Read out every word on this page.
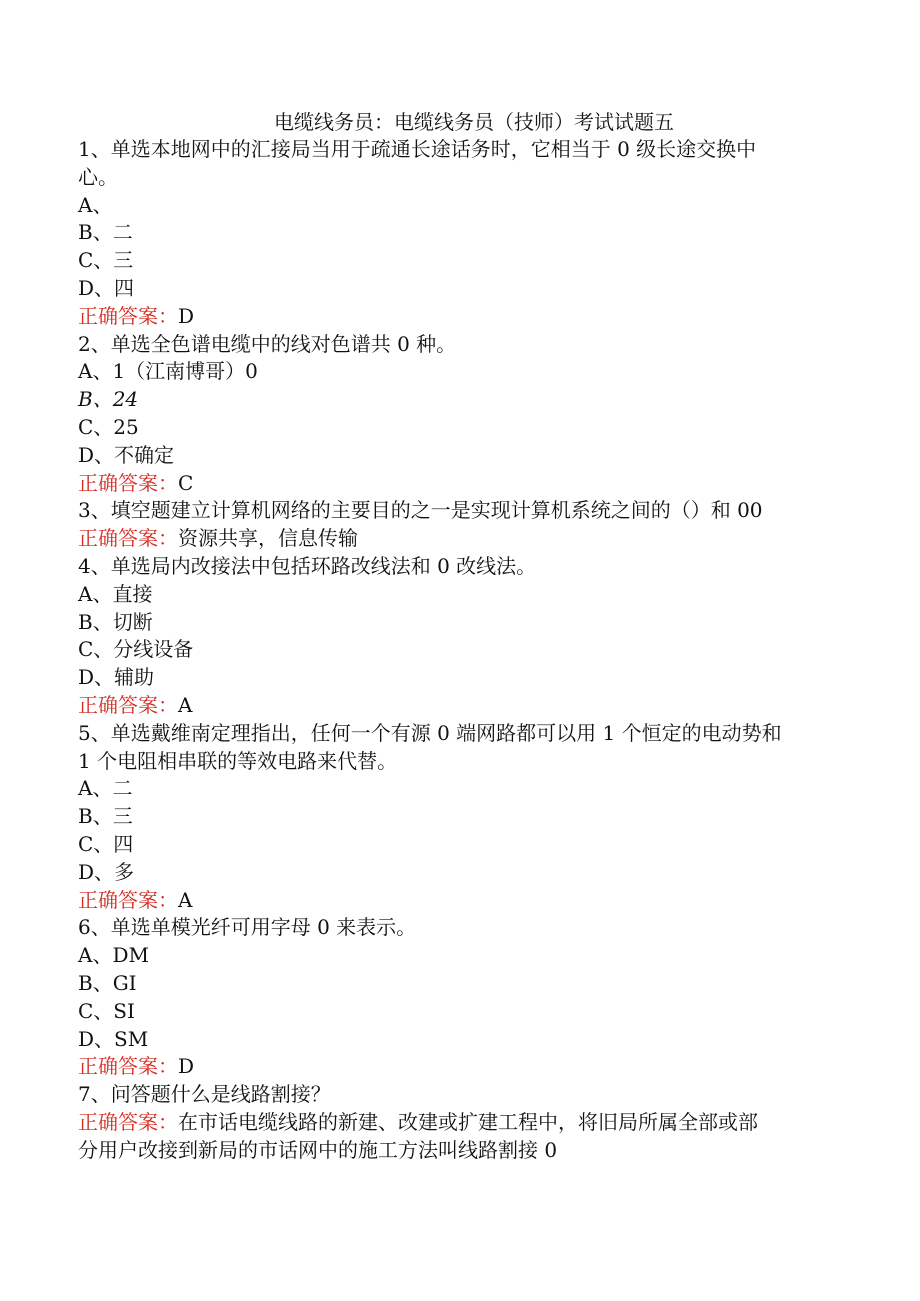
电缆线务员：电缆线务员（技师）考试试题五
1、单选本地网中的汇接局当用于疏通长途话务时，它相当于 0 级长途交换中
心。
A、
B、二
C、三
D、四
正确答案：D
2、单选全色谱电缆中的线对色谱共 0 种。
A、1（江南博哥）0
B、24
C、25
D、不确定
正确答案：C
3、填空题建立计算机网络的主要目的之一是实现计算机系统之间的（）和 00
正确答案：资源共享，信息传输
4、单选局内改接法中包括环路改线法和 0 改线法。
A、直接
B、切断
C、分线设备
D、辅助
正确答案：A
5、单选戴维南定理指出，任何一个有源 0 端网路都可以用 1 个恒定的电动势和
1 个电阻相串联的等效电路来代替。
A、二
B、三
C、四
D、多
正确答案：A
6、单选单模光纤可用字母 0 来表示。
A、DM
B、GI
C、SI
D、SM
正确答案：D
7、问答题什么是线路割接？
正确答案：在市话电缆线路的新建、改建或扩建工程中，将旧局所属全部或部
分用户改接到新局的市话网中的施工方法叫线路割接 0
